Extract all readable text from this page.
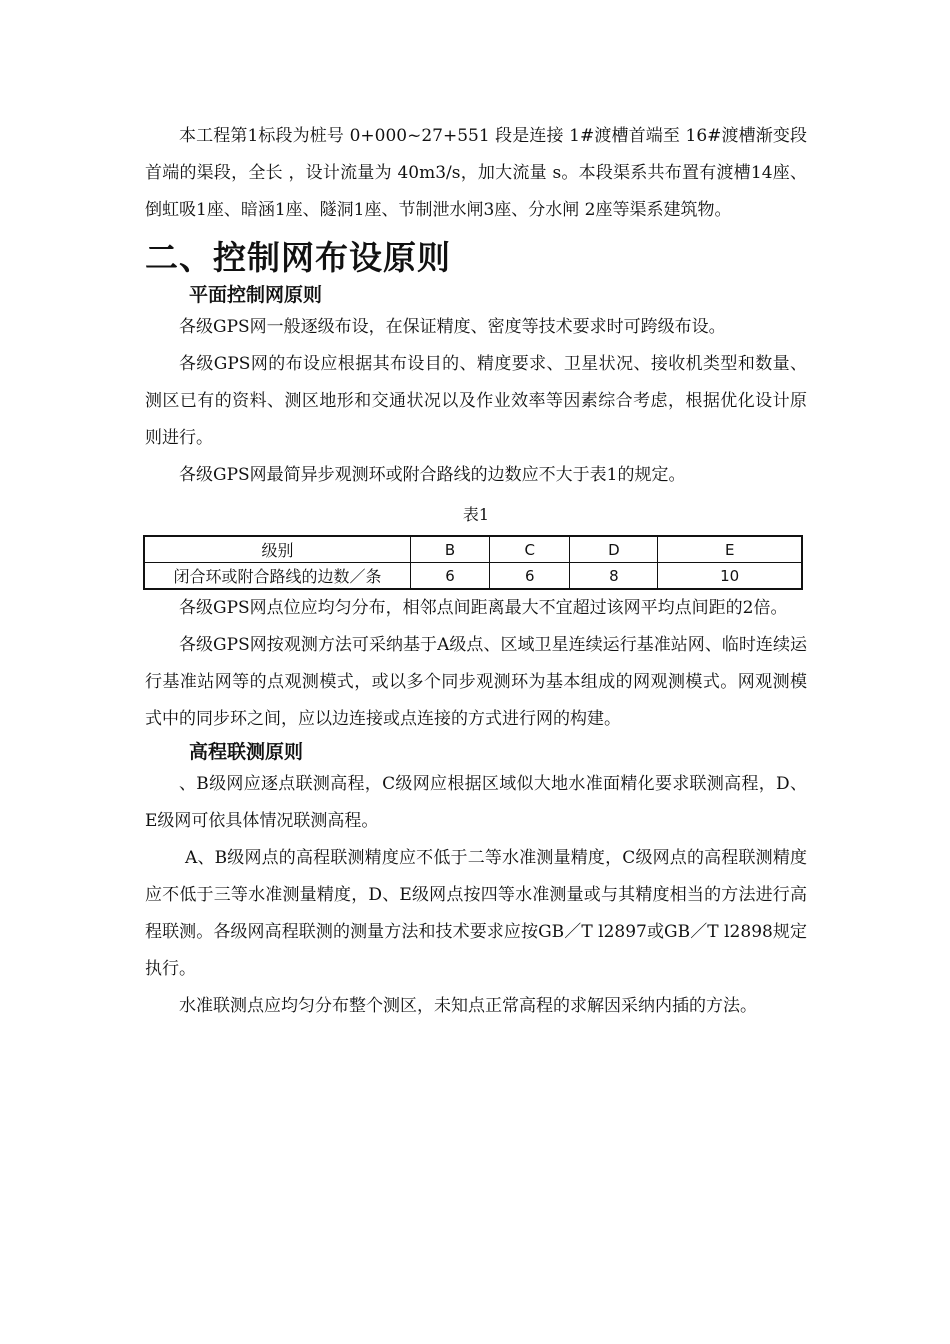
本工程第1标段为桩号 0+000~27+551 段是连接 1#渡槽首端至 16#渡槽渐变段首端的渠段，全长 ，设计流量为 40m3/s，加大流量 s。本段渠系共布置有渡槽14座、倒虹吸1座、暗涵1座、隧洞1座、节制泄水闸3座、分水闸 2座等渠系建筑物。

二、控制网布设原则
平面控制网原则

各级GPS网一般逐级布设，在保证精度、密度等技术要求时可跨级布设。

各级GPS网的布设应根据其布设目的、精度要求、卫星状况、接收机类型和数量、测区已有的资料、测区地形和交通状况以及作业效率等因素综合考虑，根据优化设计原则进行。

各级GPS网最简异步观测环或附合路线的边数应不大于表1的规定。

表1
级别	B	C	D	E
闭合环或附合路线的边数／条	6	6	8	10

各级GPS网点位应均匀分布，相邻点间距离最大不宜超过该网平均点间距的2倍。

各级GPS网按观测方法可采纳基于A级点、区域卫星连续运行基准站网、临时连续运行基准站网等的点观测模式，或以多个同步观测环为基本组成的网观测模式。网观测模式中的同步环之间，应以边连接或点连接的方式进行网的构建。

高程联测原则

、B级网应逐点联测高程，C级网应根据区域似大地水准面精化要求联测高程，D、E级网可依具体情况联测高程。

A、B级网点的高程联测精度应不低于二等水准测量精度，C级网点的高程联测精度应不低于三等水准测量精度，D、E级网点按四等水准测量或与其精度相当的方法进行高程联测。各级网高程联测的测量方法和技术要求应按GB／T l2897或GB／T l2898规定执行。

水准联测点应均匀分布整个测区，未知点正常高程的求解因采纳内插的方法。
